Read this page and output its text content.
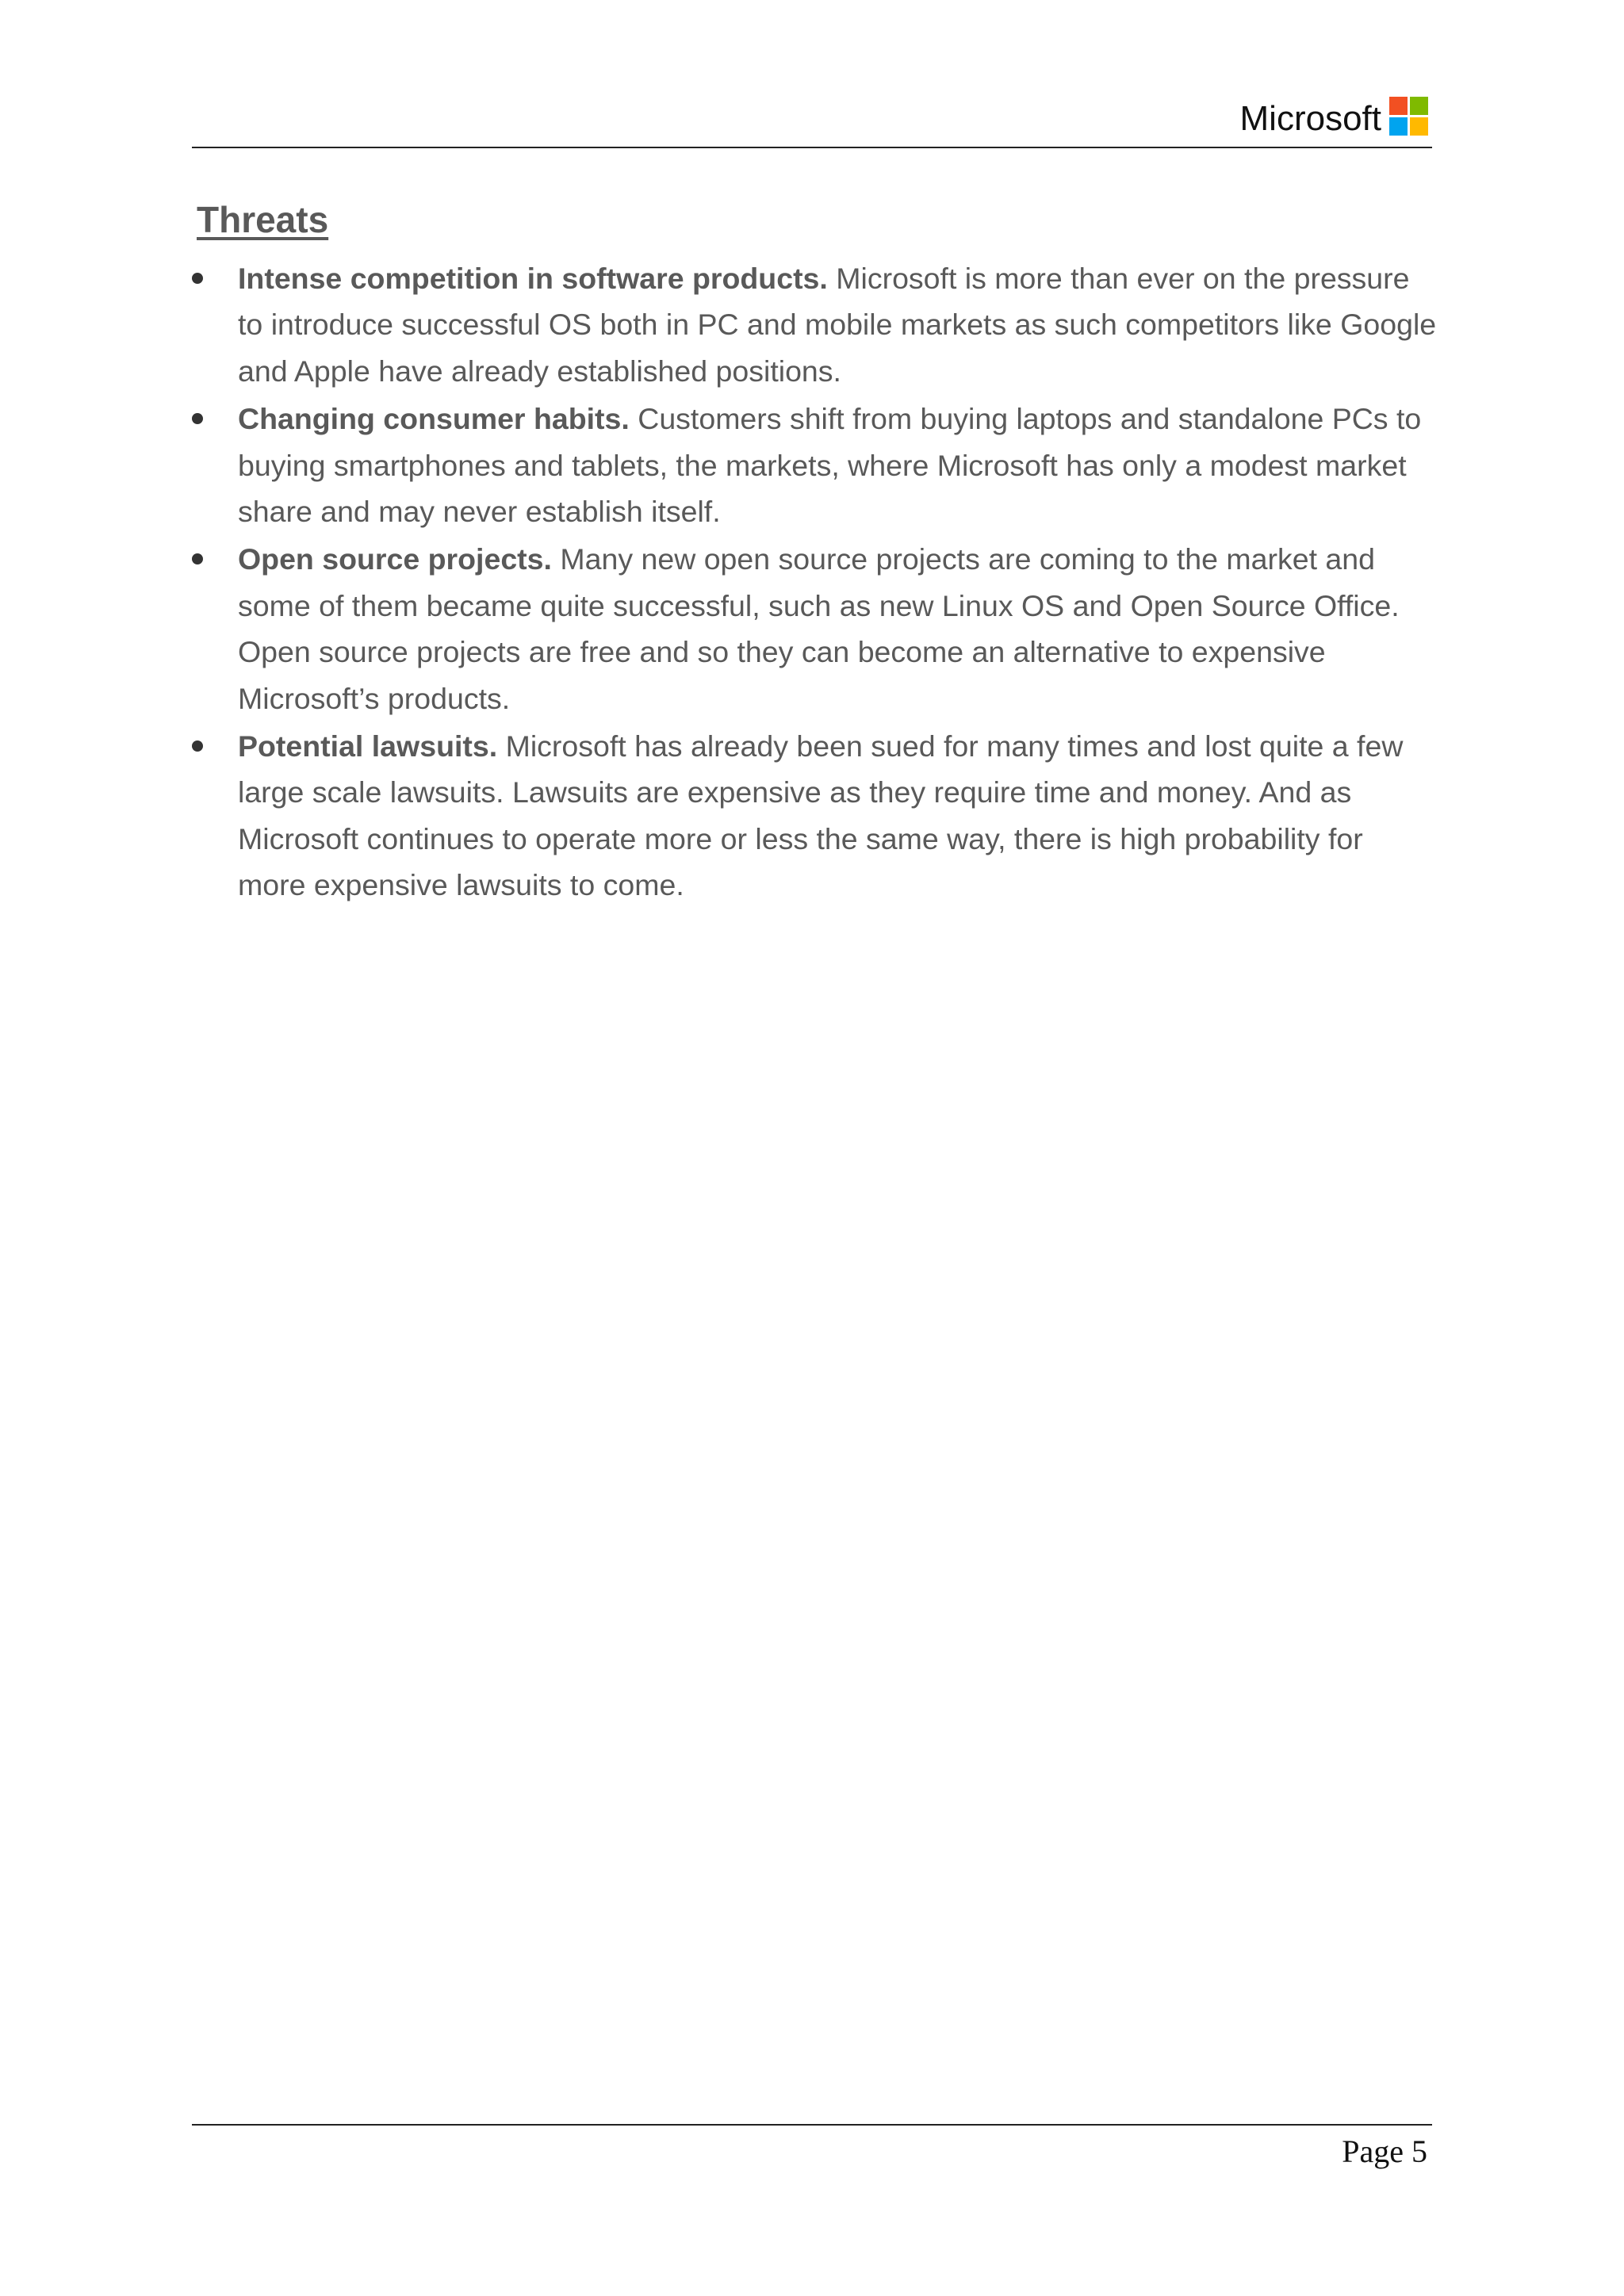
Microsoft
Threats
Intense competition in software products. Microsoft is more than ever on the pressure to introduce successful OS both in PC and mobile markets as such competitors like Google and Apple have already established positions.
Changing consumer habits. Customers shift from buying laptops and standalone PCs to buying smartphones and tablets, the markets, where Microsoft has only a modest market share and may never establish itself.
Open source projects. Many new open source projects are coming to the market and some of them became quite successful, such as new Linux OS and Open Source Office. Open source projects are free and so they can become an alternative to expensive Microsoft’s products.
Potential lawsuits. Microsoft has already been sued for many times and lost quite a few large scale lawsuits. Lawsuits are expensive as they require time and money. And as Microsoft continues to operate more or less the same way, there is high probability for more expensive lawsuits to come.
Page 5
